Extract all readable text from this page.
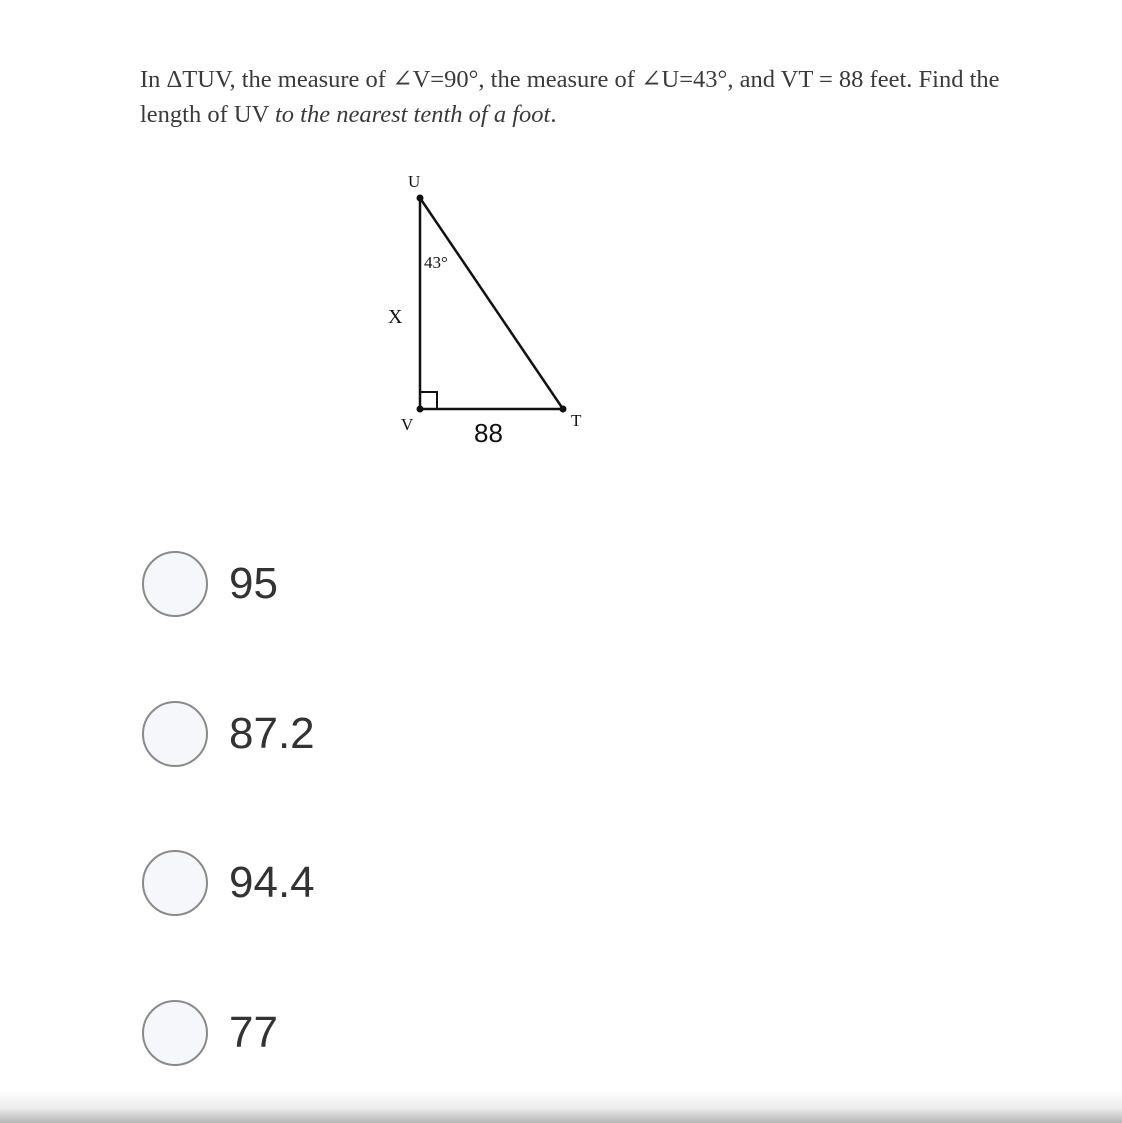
In ΔTUV, the measure of ∠V=90°, the measure of ∠U=43°, and VT = 88 feet. Find the length of UV to the nearest tenth of a foot.

U
V	T
43°
X
88
95
87.2
94.4
77
